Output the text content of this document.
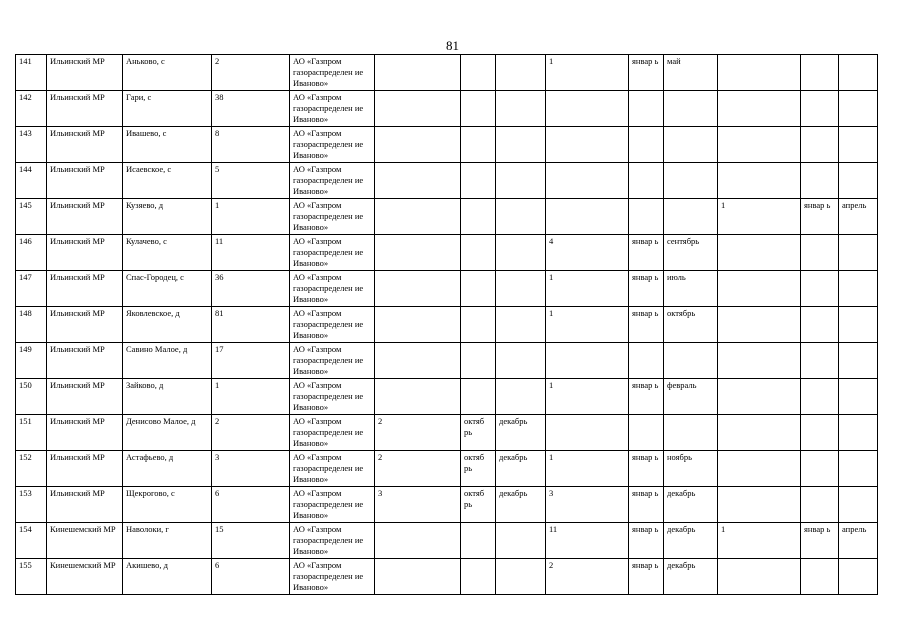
81
141	Ильинский МР	Аньково, с	2	АО «Газпром газораспределен ие Иваново»				1	январ ь	май			
142	Ильинский МР	Гари, с	38	АО «Газпром газораспределен ие Иваново»									
143	Ильинский МР	Ивашево, с	8	АО «Газпром газораспределен ие Иваново»									
144	Ильинский МР	Исаевское, с	5	АО «Газпром газораспределен ие Иваново»									
145	Ильинский МР	Кузяево, д	1	АО «Газпром газораспределен ие Иваново»							1	январ ь	апрель
146	Ильинский МР	Кулачево, с	11	АО «Газпром газораспределен ие Иваново»				4	январ ь	сентябрь			
147	Ильинский МР	Спас-Городец, с	36	АО «Газпром газораспределен ие Иваново»				1	январ ь	июль			
148	Ильинский МР	Яковлевское, д	81	АО «Газпром газораспределен ие Иваново»				1	январ ь	октябрь			
149	Ильинский МР	Савино Малое, д	17	АО «Газпром газораспределен ие Иваново»									
150	Ильинский МР	Зайково, д	1	АО «Газпром газораспределен ие Иваново»				1	январ ь	февраль			
151	Ильинский МР	Денисово Малое, д	2	АО «Газпром газораспределен ие Иваново»	2	октяб рь	декабрь						
152	Ильинский МР	Астафьево, д	3	АО «Газпром газораспределен ие Иваново»	2	октяб рь	декабрь	1	январ ь	ноябрь			
153	Ильинский МР	Щекрогово, с	6	АО «Газпром газораспределен ие Иваново»	3	октяб рь	декабрь	3	январ ь	декабрь			
154	Кинешемский МР	Наволоки, г	15	АО «Газпром газораспределен ие Иваново»				11	январ ь	декабрь	1	январ ь	апрель
155	Кинешемский МР	Акишево, д	6	АО «Газпром газораспределен ие Иваново»				2	январ ь	декабрь			
